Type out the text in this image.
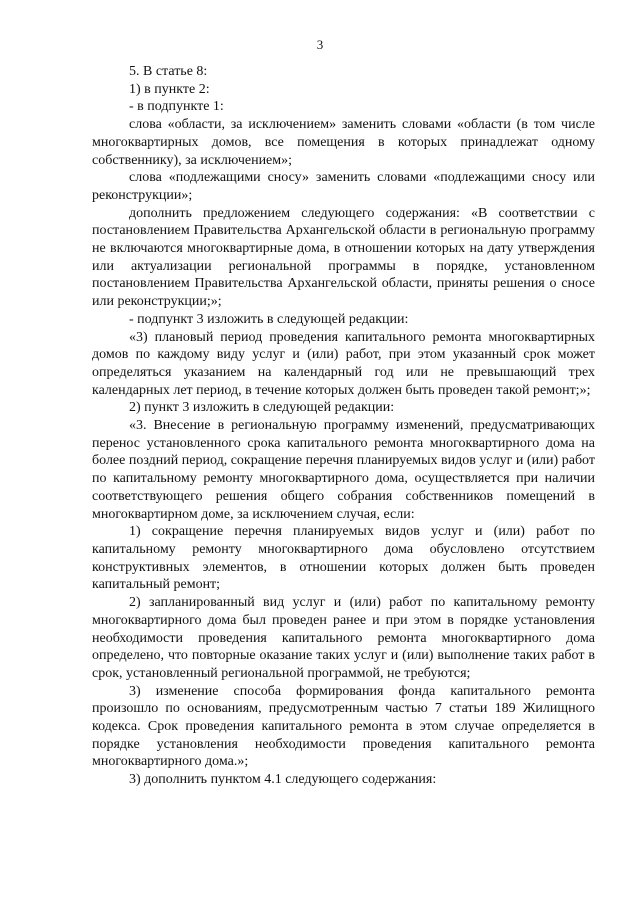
3

5. В статье 8:

1) в пункте 2:

- в подпункте 1:

слова «области, за исключением» заменить словами «области (в том числе многоквартирных домов, все помещения в которых принадлежат одному собственнику), за исключением»;

слова «подлежащими сносу» заменить словами «подлежащими сносу или реконструкции»;

дополнить предложением следующего содержания: «В соответствии с постановлением Правительства Архангельской области в региональную программу не включаются многоквартирные дома, в отношении которых на дату утверждения или актуализации региональной программы в порядке, установленном постановлением Правительства Архангельской области, приняты решения о сносе или реконструкции;»;

- подпункт 3 изложить в следующей редакции:

«3) плановый период проведения капитального ремонта многоквартирных домов по каждому виду услуг и (или) работ, при этом указанный срок может определяться указанием на календарный год или не превышающий трех календарных лет период, в течение которых должен быть проведен такой ремонт;»;

2) пункт 3 изложить в следующей редакции:

«3. Внесение в региональную программу изменений, предусматривающих перенос установленного срока капитального ремонта многоквартирного дома на более поздний период, сокращение перечня планируемых видов услуг и (или) работ по капитальному ремонту многоквартирного дома, осуществляется при наличии соответствующего решения общего собрания собственников помещений в многоквартирном доме, за исключением случая, если:

1) сокращение перечня планируемых видов услуг и (или) работ по капитальному ремонту многоквартирного дома обусловлено отсутствием конструктивных элементов, в отношении которых должен быть проведен капитальный ремонт;

2) запланированный вид услуг и (или) работ по капитальному ремонту многоквартирного дома был проведен ранее и при этом в порядке установления необходимости проведения капитального ремонта многоквартирного дома определено, что повторные оказание таких услуг и (или) выполнение таких работ в срок, установленный региональной программой, не требуются;

3) изменение способа формирования фонда капитального ремонта произошло по основаниям, предусмотренным частью 7 статьи 189 Жилищного кодекса. Срок проведения капитального ремонта в этом случае определяется в порядке установления необходимости проведения капитального ремонта многоквартирного дома.»;

3) дополнить пунктом 4.1 следующего содержания:
